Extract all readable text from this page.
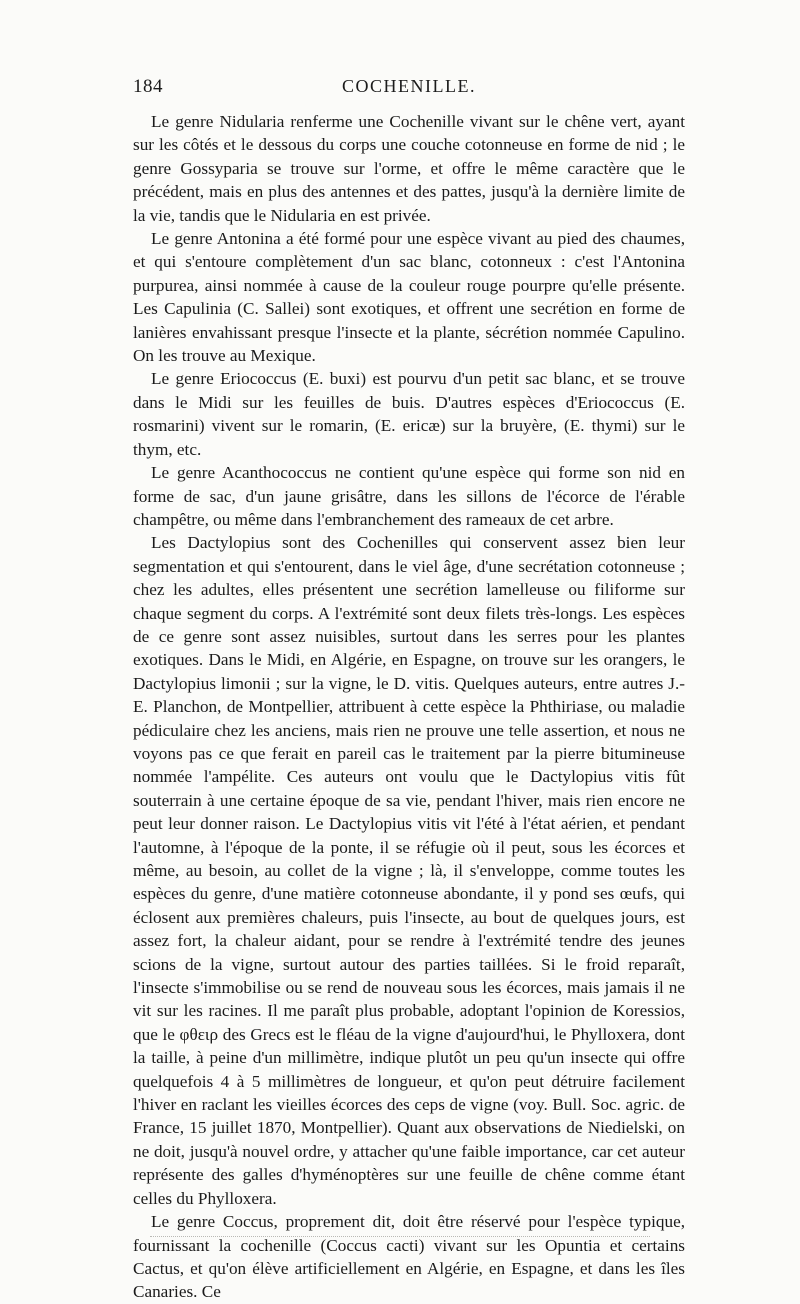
184	COCHENILLE.

Le genre Nidularia renferme une Cochenille vivant sur le chêne vert, ayant sur les côtés et le dessous du corps une couche cotonneuse en forme de nid ; le genre Gossyparia se trouve sur l'orme, et offre le même caractère que le précédent, mais en plus des antennes et des pattes, jusqu'à la dernière limite de la vie, tandis que le Nidularia en est privée.

Le genre Antonina a été formé pour une espèce vivant au pied des chaumes, et qui s'entoure complètement d'un sac blanc, cotonneux : c'est l'Antonina purpurea, ainsi nommée à cause de la couleur rouge pourpre qu'elle présente. Les Capulinia (C. Sallei) sont exotiques, et offrent une secrétion en forme de lanières envahissant presque l'insecte et la plante, sécrétion nommée Capulino. On les trouve au Mexique.

Le genre Eriococcus (E. buxi) est pourvu d'un petit sac blanc, et se trouve dans le Midi sur les feuilles de buis. D'autres espèces d'Eriococcus (E. rosmarini) vivent sur le romarin, (E. ericæ) sur la bruyère, (E. thymi) sur le thym, etc.

Le genre Acanthococcus ne contient qu'une espèce qui forme son nid en forme de sac, d'un jaune grisâtre, dans les sillons de l'écorce de l'érable champêtre, ou même dans l'embranchement des rameaux de cet arbre.

Les Dactylopius sont des Cochenilles qui conservent assez bien leur segmentation et qui s'entourent, dans le viel âge, d'une secrétation cotonneuse ; chez les adultes, elles présentent une secrétion lamelleuse ou filiforme sur chaque segment du corps. A l'extrémité sont deux filets très-longs. Les espèces de ce genre sont assez nuisibles, surtout dans les serres pour les plantes exotiques. Dans le Midi, en Algérie, en Espagne, on trouve sur les orangers, le Dactylopius limonii ; sur la vigne, le D. vitis. Quelques auteurs, entre autres J.-E. Planchon, de Montpellier, attribuent à cette espèce la Phthiriase, ou maladie pédiculaire chez les anciens, mais rien ne prouve une telle assertion, et nous ne voyons pas ce que ferait en pareil cas le traitement par la pierre bitumineuse nommée l'ampélite. Ces auteurs ont voulu que le Dactylopius vitis fût souterrain à une certaine époque de sa vie, pendant l'hiver, mais rien encore ne peut leur donner raison. Le Dactylopius vitis vit l'été à l'état aérien, et pendant l'automne, à l'époque de la ponte, il se réfugie où il peut, sous les écorces et même, au besoin, au collet de la vigne ; là, il s'enveloppe, comme toutes les espèces du genre, d'une matière cotonneuse abondante, il y pond ses œufs, qui éclosent aux premières chaleurs, puis l'insecte, au bout de quelques jours, est assez fort, la chaleur aidant, pour se rendre à l'extrémité tendre des jeunes scions de la vigne, surtout autour des parties taillées. Si le froid reparaît, l'insecte s'immobilise ou se rend de nouveau sous les écorces, mais jamais il ne vit sur les racines. Il me paraît plus probable, adoptant l'opinion de Koressios, que le φθειρ des Grecs est le fléau de la vigne d'aujourd'hui, le Phylloxera, dont la taille, à peine d'un millimètre, indique plutôt un peu qu'un insecte qui offre quelquefois 4 à 5 millimètres de longueur, et qu'on peut détruire facilement l'hiver en raclant les vieilles écorces des ceps de vigne (voy. Bull. Soc. agric. de France, 15 juillet 1870, Montpellier). Quant aux observations de Niedielski, on ne doit, jusqu'à nouvel ordre, y attacher qu'une faible importance, car cet auteur représente des galles d'hyménoptères sur une feuille de chêne comme étant celles du Phylloxera.

Le genre Coccus, proprement dit, doit être réservé pour l'espèce typique, fournissant la cochenille (Coccus cacti) vivant sur les Opuntia et certains Cactus, et qu'on élève artificiellement en Algérie, en Espagne, et dans les îles Canaries. Ce
